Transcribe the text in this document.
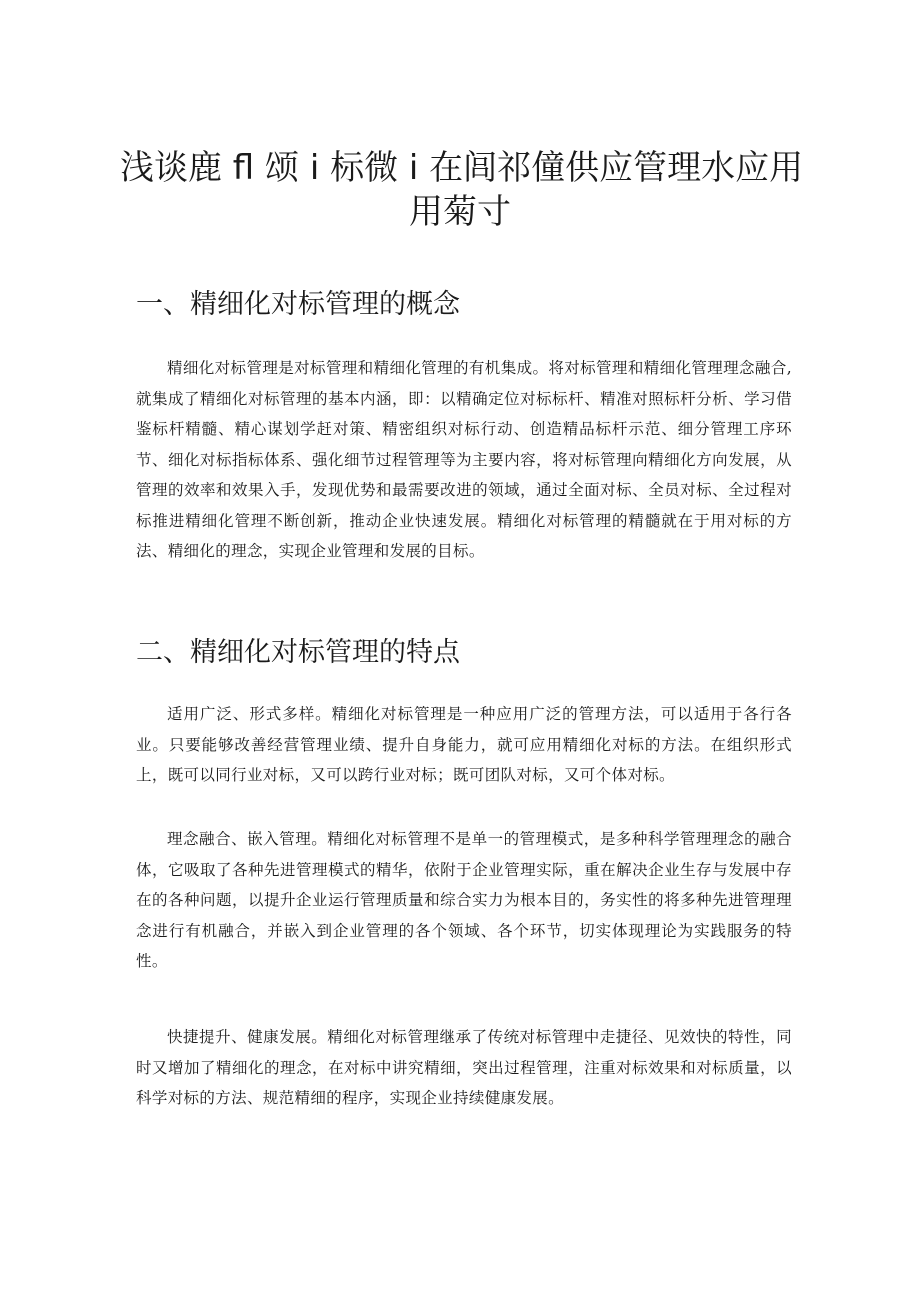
浅谈鹿 fl 颂 i 标微 i 在闾祁僮供应管理水应用
用菊寸
一、精细化对标管理的概念

精细化对标管理是对标管理和精细化管理的有机集成。将对标管理和精细化管理理念融合,就集成了精细化对标管理的基本内涵，即：以精确定位对标标杆、精准对照标杆分析、学习借鉴标杆精髓、精心谋划学赶对策、精密组织对标行动、创造精品标杆示范、细分管理工序环节、细化对标指标体系、强化细节过程管理等为主要内容，将对标管理向精细化方向发展，从管理的效率和效果入手，发现优势和最需要改进的领域，通过全面对标、全员对标、全过程对标推进精细化管理不断创新，推动企业快速发展。精细化对标管理的精髓就在于用对标的方法、精细化的理念，实现企业管理和发展的目标。

二、精细化对标管理的特点

适用广泛、形式多样。精细化对标管理是一种应用广泛的管理方法，可以适用于各行各业。只要能够改善经营管理业绩、提升自身能力，就可应用精细化对标的方法。在组织形式上，既可以同行业对标，又可以跨行业对标；既可团队对标，又可个体对标。

理念融合、嵌入管理。精细化对标管理不是单一的管理模式，是多种科学管理理念的融合体，它吸取了各种先进管理模式的精华，依附于企业管理实际，重在解决企业生存与发展中存在的各种问题，以提升企业运行管理质量和综合实力为根本目的，务实性的将多种先进管理理念进行有机融合，并嵌入到企业管理的各个领域、各个环节，切实体现理论为实践服务的特性。

快捷提升、健康发展。精细化对标管理继承了传统对标管理中走捷径、见效快的特性，同时又增加了精细化的理念，在对标中讲究精细，突出过程管理，注重对标效果和对标质量，以科学对标的方法、规范精细的程序，实现企业持续健康发展。
